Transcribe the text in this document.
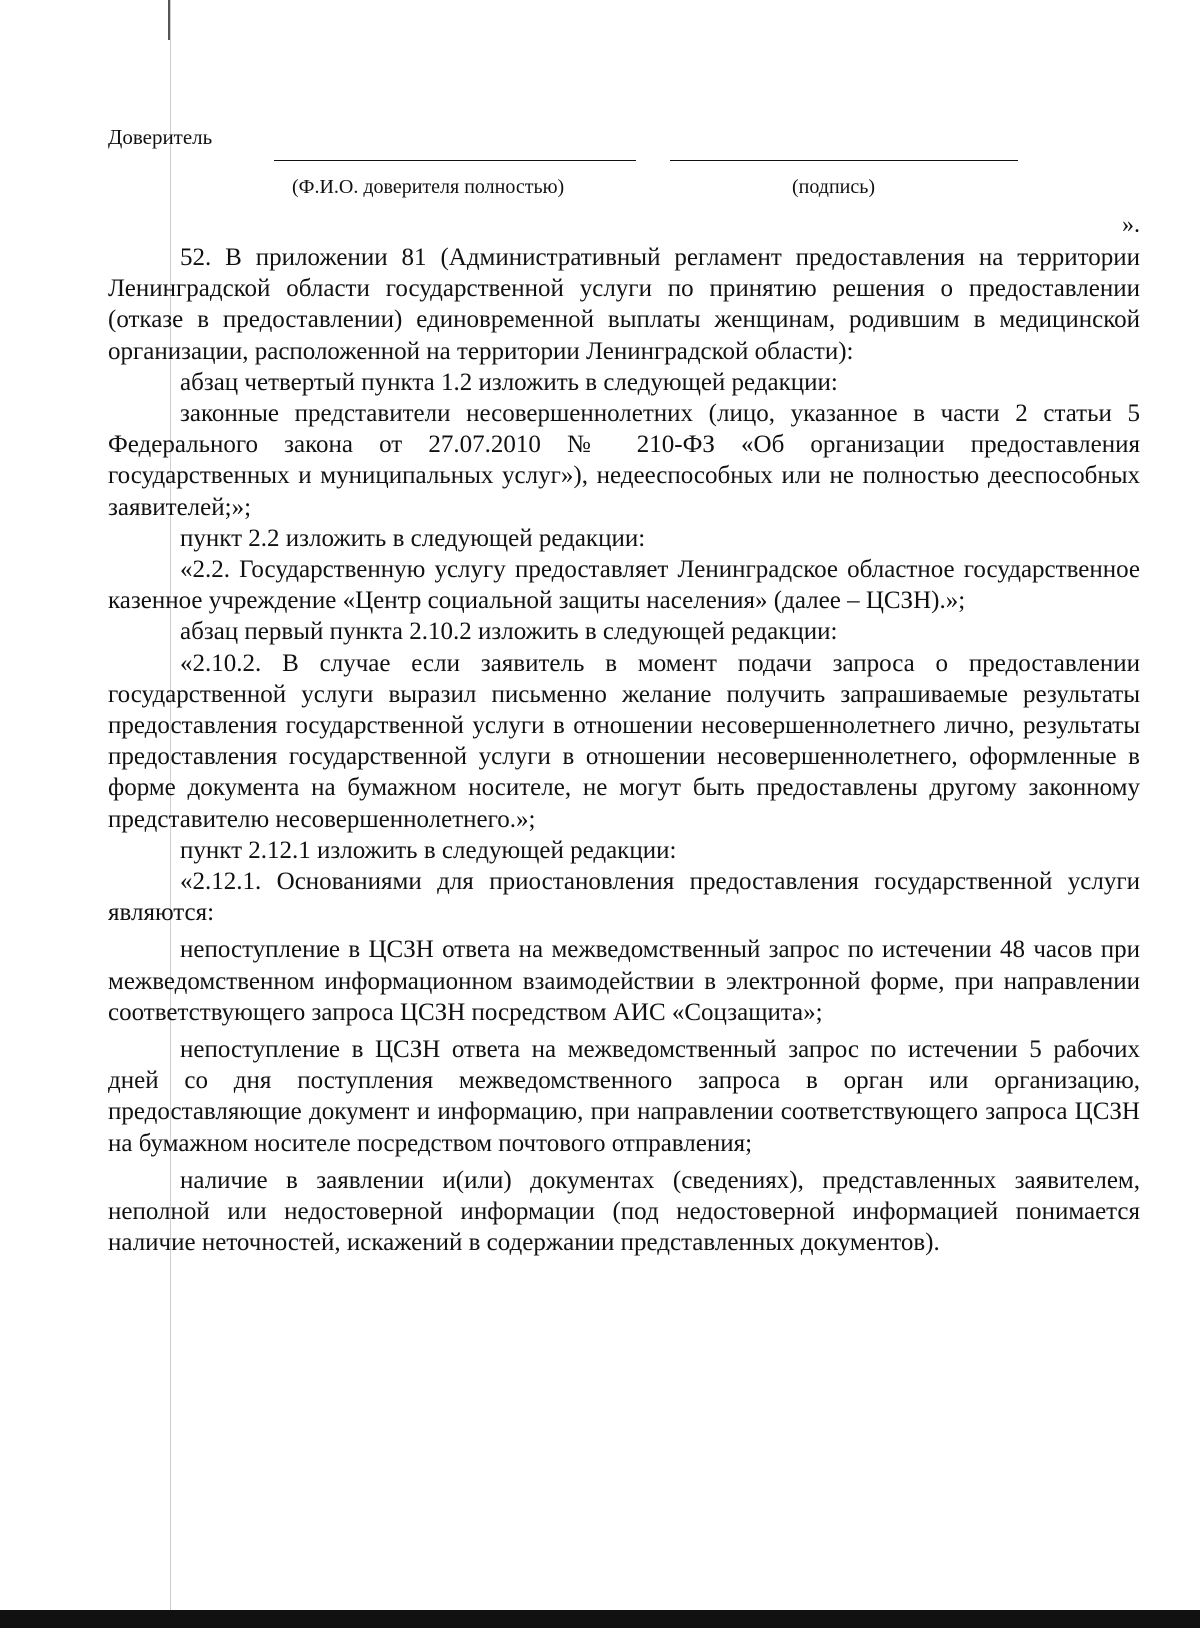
Доверитель
(Ф.И.О. доверителя полностью)	(подпись)
».

52. В приложении 81 (Административный регламент предоставления на территории Ленинградской области государственной услуги по принятию решения о предоставлении (отказе в предоставлении) единовременной выплаты женщинам, родившим в медицинской организации, расположенной на территории Ленинградской области):

абзац четвертый пункта 1.2 изложить в следующей редакции:

законные представители несовершеннолетних (лицо, указанное в части 2 статьи 5 Федерального закона от 27.07.2010 № 210-ФЗ «Об организации предоставления государственных и муниципальных услуг»), недееспособных или не полностью дееспособных заявителей;»;

пункт 2.2 изложить в следующей редакции:

«2.2. Государственную услугу предоставляет Ленинградское областное государственное казенное учреждение «Центр социальной защиты населения» (далее – ЦСЗН).»;

абзац первый пункта 2.10.2 изложить в следующей редакции:

«2.10.2. В случае если заявитель в момент подачи запроса о предоставлении государственной услуги выразил письменно желание получить запрашиваемые результаты предоставления государственной услуги в отношении несовершеннолетнего лично, результаты предоставления государственной услуги в отношении несовершеннолетнего, оформленные в форме документа на бумажном носителе, не могут быть предоставлены другому законному представителю несовершеннолетнего.»;

пункт 2.12.1 изложить в следующей редакции:

«2.12.1. Основаниями для приостановления предоставления государственной услуги являются:

непоступление в ЦСЗН ответа на межведомственный запрос по истечении 48 часов при межведомственном информационном взаимодействии в электронной форме, при направлении соответствующего запроса ЦСЗН посредством АИС «Соцзащита»;

непоступление в ЦСЗН ответа на межведомственный запрос по истечении 5 рабочих дней со дня поступления межведомственного запроса в орган или организацию, предоставляющие документ и информацию, при направлении соответствующего запроса ЦСЗН на бумажном носителе посредством почтового отправления;

наличие в заявлении и(или) документах (сведениях), представленных заявителем, неполной или недостоверной информации (под недостоверной информацией понимается наличие неточностей, искажений в содержании представленных документов).
